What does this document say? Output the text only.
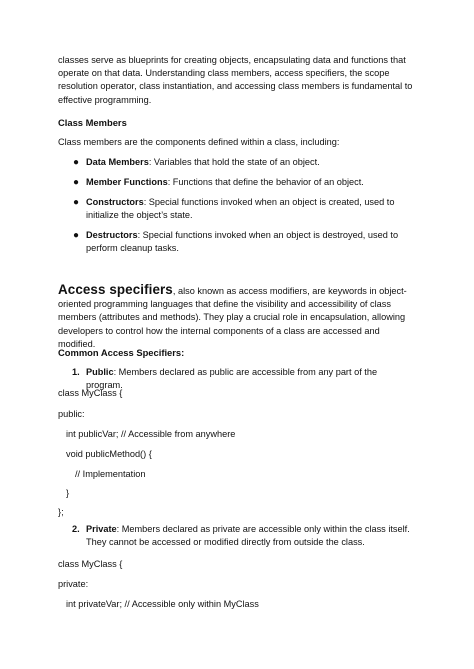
classes serve as blueprints for creating objects, encapsulating data and functions that operate on that data. Understanding class members, access specifiers, the scope resolution operator, class instantiation, and accessing class members is fundamental to effective programming.

Class Members

Class members are the components defined within a class, including:

● Data Members: Variables that hold the state of an object.
● Member Functions: Functions that define the behavior of an object.
● Constructors: Special functions invoked when an object is created, used to initialize the object’s state.
● Destructors: Special functions invoked when an object is destroyed, used to perform cleanup tasks.

Access specifiers, also known as access modifiers, are keywords in object-oriented programming languages that define the visibility and accessibility of class members (attributes and methods). They play a crucial role in encapsulation, allowing developers to control how the internal components of a class are accessed and modified.

Common Access Specifiers:

1. Public: Members declared as public are accessible from any part of the program.

class MyClass {

public:

int publicVar; // Accessible from anywhere

void publicMethod() {

// Implementation

}

};

2. Private: Members declared as private are accessible only within the class itself. They cannot be accessed or modified directly from outside the class.

class MyClass {

private:

int privateVar; // Accessible only within MyClass
